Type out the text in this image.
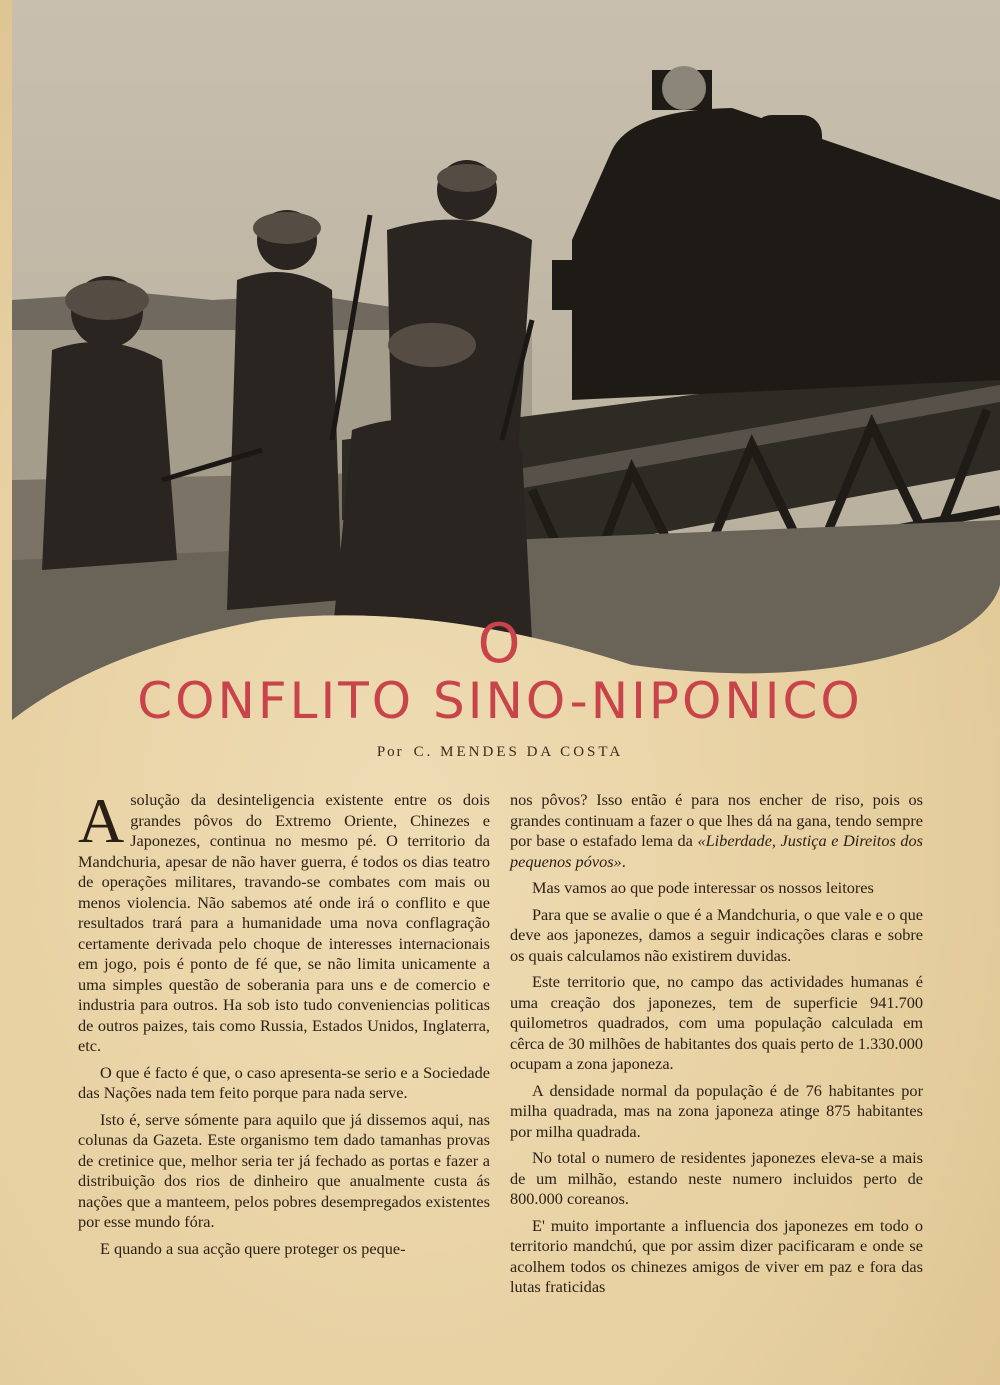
O
CONFLITO SINO-NIPONICO
Por C. MENDES DA COSTA

Asolução da desinteligencia existente entre os dois grandes pôvos do Extremo Oriente, Chinezes e Japonezes, continua no mesmo pé. O territorio da Mandchuria, apesar de não haver guerra, é todos os dias teatro de operações militares, travando-se combates com mais ou menos violencia. Não sabemos até onde irá o conflito e que resultados trará para a humanidade uma nova conflagração certamente derivada pelo choque de interesses internacionais em jogo, pois é ponto de fé que, se não limita unicamente a uma simples questão de soberania para uns e de comercio e industria para outros. Ha sob isto tudo conveniencias politicas de outros paizes, tais como Russia, Estados Unidos, Inglaterra, etc.

O que é facto é que, o caso apresenta-se serio e a Sociedade das Nações nada tem feito porque para nada serve.

Isto é, serve sómente para aquilo que já dissemos aqui, nas colunas da Gazeta. Este organismo tem dado tamanhas provas de cretinice que, melhor seria ter já fechado as portas e fazer a distribuição dos rios de dinheiro que anualmente custa ás nações que a manteem, pelos pobres desempregados existentes por esse mundo fóra.

E quando a sua acção quere proteger os peque-

nos pôvos? Isso então é para nos encher de riso, pois os grandes continuam a fazer o que lhes dá na gana, tendo sempre por base o estafado lema da «Liberdade, Justiça e Direitos dos pequenos póvos».

Mas vamos ao que pode interessar os nossos leitores

Para que se avalie o que é a Mandchuria, o que vale e o que deve aos japonezes, damos a seguir indicações claras e sobre os quais calculamos não existirem duvidas.

Este territorio que, no campo das actividades humanas é uma creação dos japonezes, tem de superficie 941.700 quilometros quadrados, com uma população calculada em cêrca de 30 milhões de habitantes dos quais perto de 1.330.000 ocupam a zona japoneza.

A densidade normal da população é de 76 habitantes por milha quadrada, mas na zona japoneza atinge 875 habitantes por milha quadrada.

No total o numero de residentes japonezes eleva-se a mais de um milhão, estando neste numero incluidos perto de 800.000 coreanos.

E' muito importante a influencia dos japonezes em todo o territorio mandchú, que por assim dizer pacificaram e onde se acolhem todos os chinezes amigos de viver em paz e fora das lutas fraticidas
